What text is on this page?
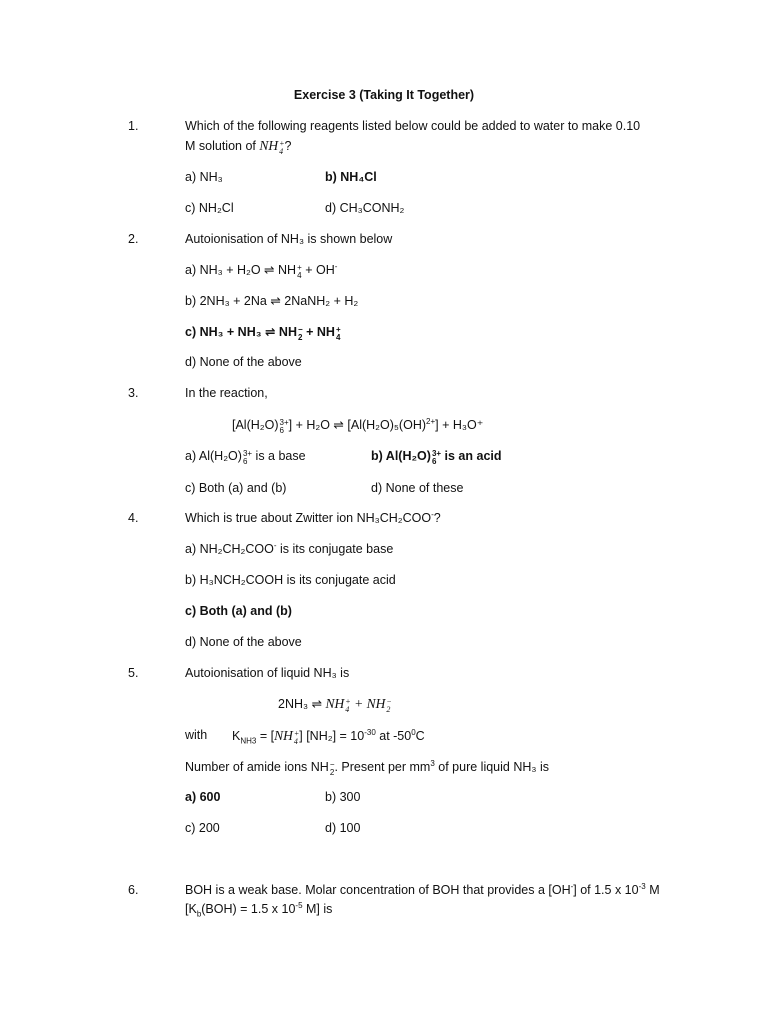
Exercise 3 (Taking It Together)
1.	Which of the following reagents listed below could be added to water to make 0.10
M solution of NH +
4 ?
a) NH₃	b) NH₄Cl
c) NH₂Cl	d) CH₃CONH₂
2.	Autoionisation of NH₃ is shown below
a) NH₃ + H₂O ⇌ NH +
4 + OH-
b) 2NH₃ + 2Na ⇌ 2NaNH₂ + H₂
c) NH₃ + NH₃ ⇌ NH −
2 + NH +
4
d) None of the above
3.	In the reaction,
[Al(H₂O) 3+
6 ] + H₂O ⇌ [Al(H₂O)₅(OH)$^{2+}$] + H₃O⁺
a) Al(H₂O) 3+
6 is a base	b) Al(H₂O) 3+
6 is an acid
c) Both (a) and (b)	d) None of these
4.	Which is true about Zwitter ion NH₃CH₂COO-?
a) NH₂CH₂COO- is its conjugate base
b) H₃NCH₂COOH is its conjugate acid
c) Both (a) and (b)
d) None of the above
5.	Autoionisation of liquid NH₃ is
2NH₃ ⇌ NH +
4 + NH −
2
with $K_{NH3} = [NH$ +
4 ] $[NH_2] = 10^{-30}$ at $-50^0C$
Number of amide ions NH −
2 . Present per $mm^3$ of pure liquid NH₃ is
a) 600	b) 300
c) 200	d) 100
6.	BOH is a weak base. Molar concentration of BOH that provides a [OH-] of 1.5 x $10^{-3}$ M
[$K_b(BOH) = 1.5$ x $10^{-5}$ M] is
